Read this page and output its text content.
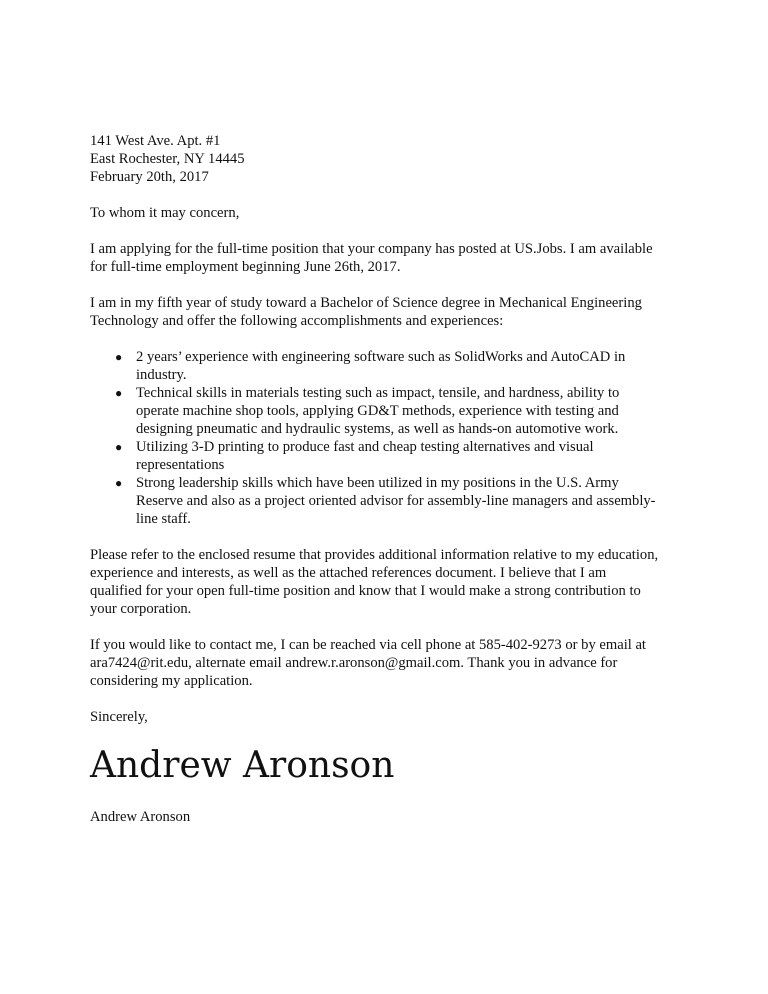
141 West Ave. Apt. #1
East Rochester, NY 14445
February 20th, 2017
To whom it may concern,
I am applying for the full-time position that your company has posted at US.Jobs. I am available
for full-time employment beginning June 26th, 2017.
I am in my fifth year of study toward a Bachelor of Science degree in Mechanical Engineering
Technology and offer the following accomplishments and experiences:
● 2 years’ experience with engineering software such as SolidWorks and AutoCAD in
industry.
● Technical skills in materials testing such as impact, tensile, and hardness, ability to
operate machine shop tools, applying GD&T methods, experience with testing and
designing pneumatic and hydraulic systems, as well as hands-on automotive work.
● Utilizing 3-D printing to produce fast and cheap testing alternatives and visual
representations
● Strong leadership skills which have been utilized in my positions in the U.S. Army
Reserve and also as a project oriented advisor for assembly-line managers and assembly-
line staff.
Please refer to the enclosed resume that provides additional information relative to my education,
experience and interests, as well as the attached references document. I believe that I am
qualified for your open full-time position and know that I would make a strong contribution to
your corporation.
If you would like to contact me, I can be reached via cell phone at 585-402-9273 or by email at
ara7424@rit.edu, alternate email andrew.r.aronson@gmail.com. Thank you in advance for
considering my application.
Sincerely,
Andrew Aronson
Andrew Aronson
